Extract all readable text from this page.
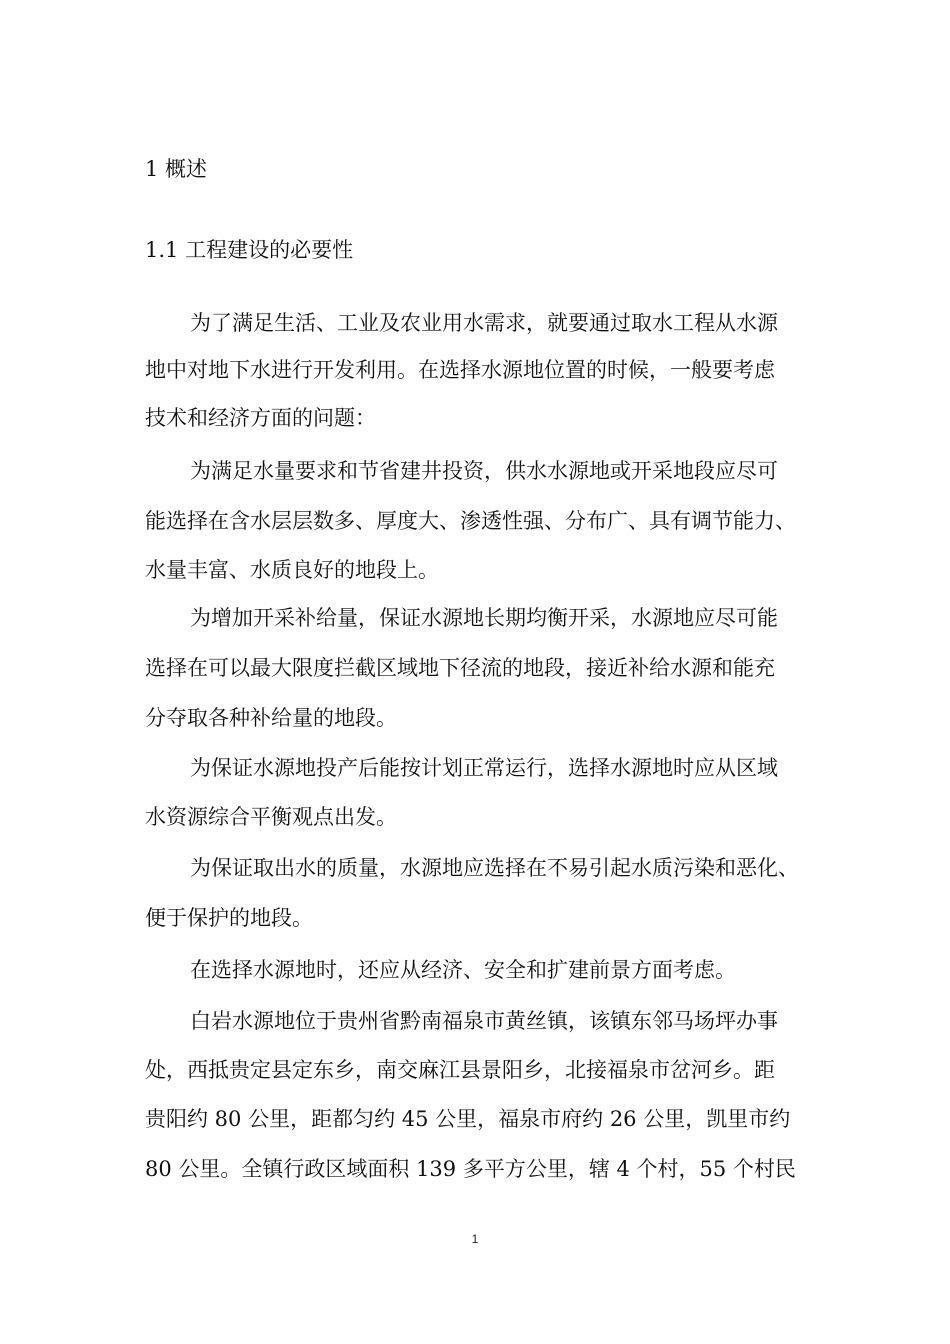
1 概述
1.1 工程建设的必要性
为了满足生活、工业及农业用水需求，就要通过取水工程从水源
地中对地下水进行开发利用。在选择水源地位置的时候，一般要考虑
技术和经济方面的问题：
为满足水量要求和节省建井投资，供水水源地或开采地段应尽可
能选择在含水层层数多、厚度大、渗透性强、分布广、具有调节能力、
水量丰富、水质良好的地段上。
为增加开采补给量，保证水源地长期均衡开采，水源地应尽可能
选择在可以最大限度拦截区域地下径流的地段，接近补给水源和能充
分夺取各种补给量的地段。
为保证水源地投产后能按计划正常运行，选择水源地时应从区域
水资源综合平衡观点出发。
为保证取出水的质量，水源地应选择在不易引起水质污染和恶化、
便于保护的地段。
在选择水源地时，还应从经济、安全和扩建前景方面考虑。
白岩水源地位于贵州省黔南福泉市黄丝镇，该镇东邻马场坪办事
处，西抵贵定县定东乡，南交麻江县景阳乡，北接福泉市岔河乡。距
贵阳约 80 公里，距都匀约 45 公里，福泉市府约 26 公里，凯里市约
80 公里。全镇行政区域面积 139 多平方公里，辖 4 个村，55 个村民
1
